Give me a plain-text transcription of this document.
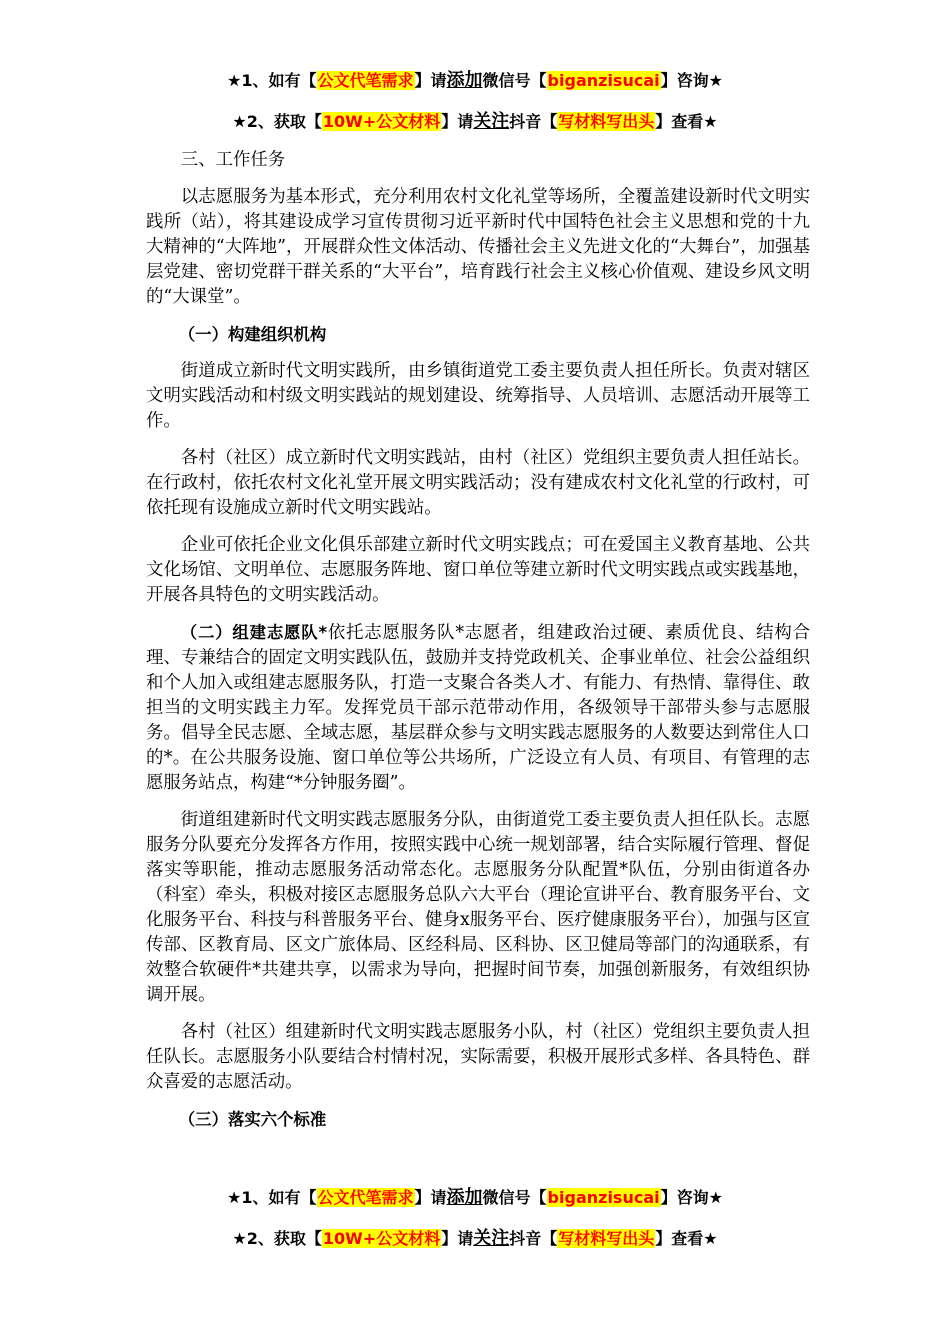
★1、如有【公文代笔需求】请添加微信号【biganzisucai】咨询★
★2、获取【10W+公文材料】请关注抖音【写材料写出头】查看★

三、工作任务

以志愿服务为基本形式，充分利用农村文化礼堂等场所，全覆盖建设新时代文明实践所（站），将其建设成学习宣传贯彻习近平新时代中国特色社会主义思想和党的十九大精神的“大阵地”，开展群众性文体活动、传播社会主义先进文化的“大舞台”，加强基层党建、密切党群干群关系的“大平台”，培育践行社会主义核心价值观、建设乡风文明的“大课堂”。

（一）构建组织机构

街道成立新时代文明实践所，由乡镇街道党工委主要负责人担任所长。负责对辖区文明实践活动和村级文明实践站的规划建设、统筹指导、人员培训、志愿活动开展等工作。

各村（社区）成立新时代文明实践站，由村（社区）党组织主要负责人担任站长。在行政村，依托农村文化礼堂开展文明实践活动；没有建成农村文化礼堂的行政村，可依托现有设施成立新时代文明实践站。

企业可依托企业文化俱乐部建立新时代文明实践点；可在爱国主义教育基地、公共文化场馆、文明单位、志愿服务阵地、窗口单位等建立新时代文明实践点或实践基地，开展各具特色的文明实践活动。

（二）组建志愿队*依托志愿服务队*志愿者，组建政治过硬、素质优良、结构合理、专兼结合的固定文明实践队伍，鼓励并支持党政机关、企事业单位、社会公益组织和个人加入或组建志愿服务队，打造一支聚合各类人才、有能力、有热情、靠得住、敢担当的文明实践主力军。发挥党员干部示范带动作用，各级领导干部带头参与志愿服务。倡导全民志愿、全域志愿，基层群众参与文明实践志愿服务的人数要达到常住人口的*。在公共服务设施、窗口单位等公共场所，广泛设立有人员、有项目、有管理的志愿服务站点，构建“*分钟服务圈”。

街道组建新时代文明实践志愿服务分队，由街道党工委主要负责人担任队长。志愿服务分队要充分发挥各方作用，按照实践中心统一规划部署，结合实际履行管理、督促落实等职能，推动志愿服务活动常态化。志愿服务分队配置*队伍，分别由街道各办（科室）牵头，积极对接区志愿服务总队六大平台（理论宣讲平台、教育服务平台、文化服务平台、科技与科普服务平台、健身x服务平台、医疗健康服务平台），加强与区宣传部、区教育局、区文广旅体局、区经科局、区科协、区卫健局等部门的沟通联系，有效整合软硬件*共建共享，以需求为导向，把握时间节奏，加强创新服务，有效组织协调开展。

各村（社区）组建新时代文明实践志愿服务小队，村（社区）党组织主要负责人担任队长。志愿服务小队要结合村情村况，实际需要，积极开展形式多样、各具特色、群众喜爱的志愿活动。

（三）落实六个标准

★1、如有【公文代笔需求】请添加微信号【biganzisucai】咨询★
★2、获取【10W+公文材料】请关注抖音【写材料写出头】查看★
